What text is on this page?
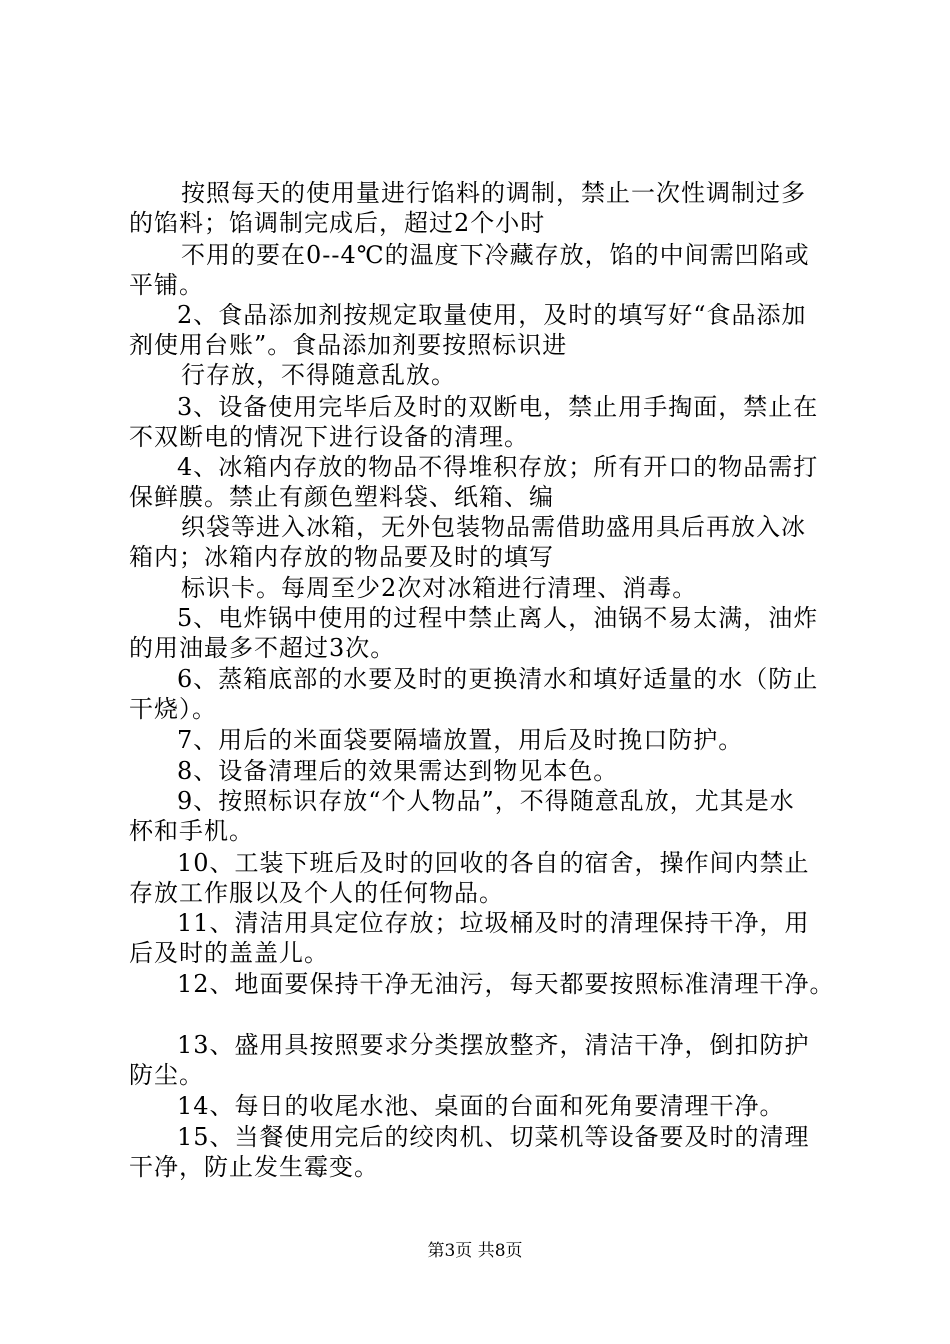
按照每天的使用量进行馅料的调制，禁止一次性调制过多
的馅料；馅调制完成后，超过2个小时
不用的要在0--4℃的温度下冷藏存放，馅的中间需凹陷或
平铺。
2、食品添加剂按规定取量使用，及时的填写好“食品添加
剂使用台账”。食品添加剂要按照标识进
行存放，不得随意乱放。
3、设备使用完毕后及时的双断电，禁止用手掏面，禁止在
不双断电的情况下进行设备的清理。
4、冰箱内存放的物品不得堆积存放；所有开口的物品需打
保鲜膜。禁止有颜色塑料袋、纸箱、编
织袋等进入冰箱，无外包装物品需借助盛用具后再放入冰
箱内；冰箱内存放的物品要及时的填写
标识卡。每周至少2次对冰箱进行清理、消毒。
5、电炸锅中使用的过程中禁止离人，油锅不易太满，油炸
的用油最多不超过3次。
6、蒸箱底部的水要及时的更换清水和填好适量的水（防止
干烧）。
7、用后的米面袋要隔墙放置，用后及时挽口防护。
8、设备清理后的效果需达到物见本色。
9、按照标识存放“个人物品”，不得随意乱放，尤其是水
杯和手机。
10、工装下班后及时的回收的各自的宿舍，操作间内禁止
存放工作服以及个人的任何物品。
11、清洁用具定位存放；垃圾桶及时的清理保持干净，用
后及时的盖盖儿。
12、地面要保持干净无油污，每天都要按照标准清理干净。
13、盛用具按照要求分类摆放整齐，清洁干净，倒扣防护
防尘。
14、每日的收尾水池、桌面的台面和死角要清理干净。
15、当餐使用完后的绞肉机、切菜机等设备要及时的清理
干净，防止发生霉变。
第3页 共8页
